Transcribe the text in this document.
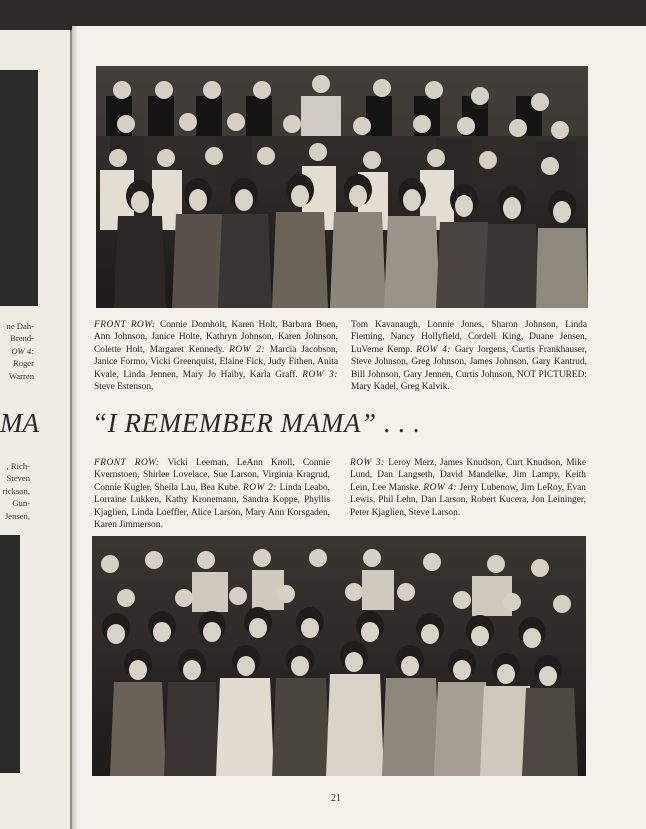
ne Dah-
Brend-
OW 4:
Roger
Warren
MA
, Rich-
Steven
rickson,
Gun-
Jensen,
FRONT ROW: Connie Domholt, Karen Holt, Barbara Boen, Ann Johnson, Janice Holte, Kathryn Johnson, Karen Johnson, Colette Holt, Margaret Kennedy. ROW 2: Marcia Jacobson, Janice Formo, Vicki Greenquist, Elaine Fick, Judy Fithen, Anita Kvale, Linda Jennen, Mary Jo Haiby, Karla Graff. ROW 3: Steve Estenson,
Tom Kavanaugh, Lonnie Jones, Sharon Johnson, Linda Fleming, Nancy Hollyfield, Cordell King, Duane Jensen, LuVerne Kemp. ROW 4: Gary Jorgens, Curtis Frankhauser, Steve Johnson, Greg Johnson, James Johnson, Gary Kantrud, Bill Johnson, Gary Jennen, Curtis Johnson, NOT PICTURED: Mary Kadel, Greg Kalvik.
“I REMEMBER MAMA” . . .
FRONT ROW: Vicki Leeman, LeAnn Knoll, Connie Kvernstoen, Shirlee Lovelace, Sue Larson, Virginia Kragrud, Connie Kugler, Sheila Lau, Bea Kube. ROW 2: Linda Leabo, Lorraine Lukken, Kathy Kronemann, Sandra Koppe, Phyllis Kjaglien, Linda Loeffler, Alice Larson, Mary Ann Korsgaden, Karen Jimmerson.
ROW 3: Leroy Merz, James Knudson, Curt Knudson, Mike Lund, Dan Langseth, David Mandelke, Jim Lampy, Keith Lein, Lee Manske. ROW 4: Jerry Lubenow, Jim LeRoy, Evan Lewis, Phil Lehn, Dan Larson, Robert Kucera, Jon Leininger, Peter Kjaglien, Steve Larson.
21
